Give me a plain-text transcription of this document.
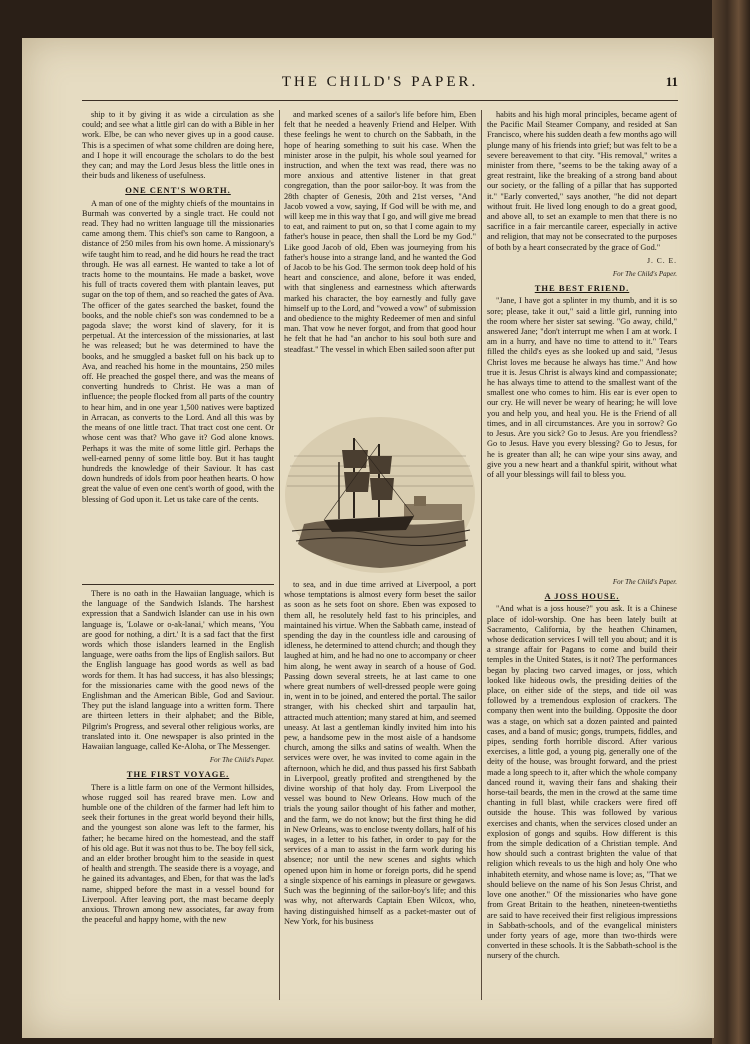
THE CHILD'S PAPER.	11

ship to it by giving it as wide a circulation as she could; and see what a little girl can do with a Bible in her work. Elbe, be can who never gives up in a good cause. This is a specimen of what some children are doing here, and I hope it will encourage the scholars to do the best they can; and may the Lord Jesus bless the little ones in their buds and likeness of usefulness.

ONE CENT'S WORTH.

A man of one of the mighty chiefs of the mountains in Burmah was converted by a single tract. He could not read. They had no written language till the missionaries came among them. This chief's son came to Rangoon, a distance of 250 miles from his own home. A missionary's wife taught him to read, and he did hours he read the tract through. He was all earnest. He wanted to take a lot of tracts home to the mountains. He made a basket, wove his full of tracts covered them with plantain leaves, put sugar on the top of them, and so reached the gates of Ava. The officer of the gates searched the basket, found the books, and the noble chief's son was condemned to be a pagoda slave; the worst kind of slavery, for it is perpetual. At the intercession of the missionaries, at last he was released; but he was determined to have the books, and he smuggled a basket full on his back up to Ava, and reached his home in the mountains, 250 miles off. He preached the gospel there, and was the means of converting hundreds to Christ. He was a man of influence; the people flocked from all parts of the country to hear him, and in one year 1,500 natives were baptized in Arracan, as converts to the Lord. And all this was by the means of one little tract. That tract cost one cent. Or whose cent was that? Who gave it? God alone knows. Perhaps it was the mite of some little girl. Perhaps the well-earned penny of some little boy. But it has taught hundreds the knowledge of their Saviour. It has cast down hundreds of idols from poor heathen hearts. O how great the value of even one cent's worth of good, with the blessing of God upon it. Let us take care of the cents.

and marked scenes of a sailor's life before him, Eben felt that he needed a heavenly Friend and Helper. With these feelings he went to church on the Sabbath, in the hope of hearing something to suit his case. When the minister arose in the pulpit, his whole soul yearned for instruction, and when the text was read, there was no more anxious and attentive listener in that great congregation, than the poor sailor-boy. It was from the 28th chapter of Genesis, 20th and 21st verses, "And Jacob vowed a vow, saying, If God will be with me, and will keep me in this way that I go, and will give me bread to eat, and raiment to put on, so that I come again to my father's house in peace, then shall the Lord be my God." Like good Jacob of old, Eben was journeying from his father's house into a strange land, and he wanted the God of Jacob to be his God. The sermon took deep hold of his heart and conscience, and alone, before it was ended, with that singleness and earnestness which afterwards marked his character, the boy earnestly and fully gave himself up to the Lord, and "vowed a vow" of submission and obedience to the mighty Redeemer of men and sinful man. That vow he never forgot, and from that good hour he felt that he had "an anchor to his soul both sure and steadfast." The vessel in which Eben sailed soon after put

habits and his high moral principles, became agent of the Pacific Mail Steamer Company, and resided at San Francisco, where his sudden death a few months ago will plunge many of his friends into grief; but was felt to be a severe bereavement to that city. "His removal," writes a minister from there, "seems to be the taking away of a great restraint, like the breaking of a strong band about our society, or the falling of a pillar that has supported it." "Early converted," says another, "he did not depart without fruit. He lived long enough to do a great good, and above all, to set an example to men that there is no sacrifice in a fair mercantile career, especially in active and religion, that may not be consecrated to the purposes of both by a heart consecrated by the grace of God."

J. C. E.
For The Child's Paper.
THE BEST FRIEND.

"Jane, I have got a splinter in my thumb, and it is so sore; please, take it out," said a little girl, running into the room where her sister sat sewing. "Go away, child," answered Jane; "don't interrupt me when I am at work. I am in a hurry, and have no time to attend to it." Tears filled the child's eyes as she looked up and said, "Jesus Christ loves me because he always has time." And how true it is. Jesus Christ is always kind and compassionate; he has always time to attend to the smallest want of the smallest one who comes to him. His ear is ever open to our cry. He will never be weary of hearing; he will love you and help you, and heal you. He is the Friend of all times, and in all circumstances. Are you in sorrow? Go to Jesus. Are you sick? Go to Jesus. Are you friendless? Go to Jesus. Have you every blessing? Go to Jesus, for he is greater than all; he can wipe your sins away, and give you a new heart and a thankful spirit, without what of all your blessings will fail to bless you.

There is no oath in the Hawaiian language, which is the language of the Sandwich Islands. The harshest expression that a Sandwich Islander can use in his own language is, 'Lolawe or o-ak-lanai,' which means, 'You are good for nothing, a dirt.' It is a sad fact that the first words which those islanders learned in the English language, were oaths from the lips of English sailors. But the English language has good words as well as bad words for them. It has had success, it has also blessings; for the missionaries came with the good news of the Englishman and the American Bible, God and Saviour. They put the island language into a written form. There are thirteen letters in their alphabet; and the Bible, Pilgrim's Progress, and several other religious works, are translated into it. One newspaper is also printed in the Hawaiian language, called Ke-Aloha, or The Messenger.

For The Child's Paper.
THE FIRST VOYAGE.

There is a little farm on one of the Vermont hillsides, whose rugged soil has reared brave men. Low and humble one of the children of the farmer had left him to seek their fortunes in the great world beyond their hills, and the youngest son alone was left to the farmer, his father; he became hired on the homestead, and the staff of his old age. But it was not thus to be. The boy fell sick, and an elder brother brought him to the seaside in quest of health and strength. The seaside there is a voyage, and he gained its advantages, and Eben, for that was the lad's name, shipped before the mast in a vessel bound for Liverpool. After leaving port, the mast became deeply anxious. Thrown among new associates, far away from the peaceful and happy home, with the new

to sea, and in due time arrived at Liverpool, a port whose temptations is almost every form beset the sailor as soon as he sets foot on shore. Eben was exposed to them all, he resolutely held fast to his principles, and maintained his virtue. When the Sabbath came, instead of spending the day in the countless idle and carousing of idleness, he determined to attend church; and though they laughed at him, and he had no one to accompany or cheer him along, he went away in search of a house of God. Passing down several streets, he at last came to one where great numbers of well-dressed people were going in, went in to be joined, and entered the portal. The sailor stranger, with his checked shirt and tarpaulin hat, attracted much attention; many stared at him, and seemed uneasy. At last a gentleman kindly invited him into his pew, a handsome pew in the most aisle of a handsome church, among the silks and satins of wealth. When the services were over, he was invited to come again in the afternoon, which he did, and thus passed his first Sabbath in Liverpool, greatly profited and strengthened by the divine worship of that holy day. From Liverpool the vessel was bound to New Orleans. How much of the trials the young sailor thought of his father and mother, and the farm, we do not know; but the first thing he did in New Orleans, was to enclose twenty dollars, half of his wages, in a letter to his father, in order to pay for the services of a man to assist in the farm work during his absence; nor until the new scenes and sights which opened upon him in home or foreign ports, did he spend a single sixpence of his earnings in pleasure or gewgaws. Such was the beginning of the sailor-boy's life; and this was why, not afterwards Captain Eben Wilcox, who, having distinguished himself as a packet-master out of New York, for his business

For The Child's Paper.
A JOSS HOUSE.

"And what is a joss house?" you ask. It is a Chinese place of idol-worship. One has been lately built at Sacramento, California, by the heathen Chinamen, whose dedication services I will tell you about; and it is a strange affair for Pagans to come and build their temples in the United States, is it not? The performances began by placing two carved images, or joss, which looked like hideous owls, the presiding deities of the place, on either side of the steps, and tide oil was followed by a tremendous explosion of crackers. The company then went into the building. Opposite the door was a stage, on which sat a dozen painted and painted cases, and a band of music; gongs, trumpets, fiddles, and pipes, sending forth horrible discord. After various exercises, a little god, a young pig, generally one of the deity of the house, was brought forward, and the priest made a long speech to it, after which the whole company danced round it, waving their fans and shaking their horse-tail beards, the men in the crowd at the same time chanting in full blast, while crackers were fired off outside the house. This was followed by various exercises and chants, when the services closed under an explosion of gongs and squibs. How different is this from the simple dedication of a Christian temple. And how should such a contrast brighten the value of that religion which reveals to us the high and holy One who inhabiteth eternity, and whose name is love; as, "That we should believe on the name of his Son Jesus Christ, and love one another." Of the missionaries who have gone from Great Britain to the heathen, nineteen-twentieths are said to have received their first religious impressions in Sabbath-schools, and of the evangelical ministers under forty years of age, more than two-thirds were converted in these schools. It is the Sabbath-school is the nursery of the church.
